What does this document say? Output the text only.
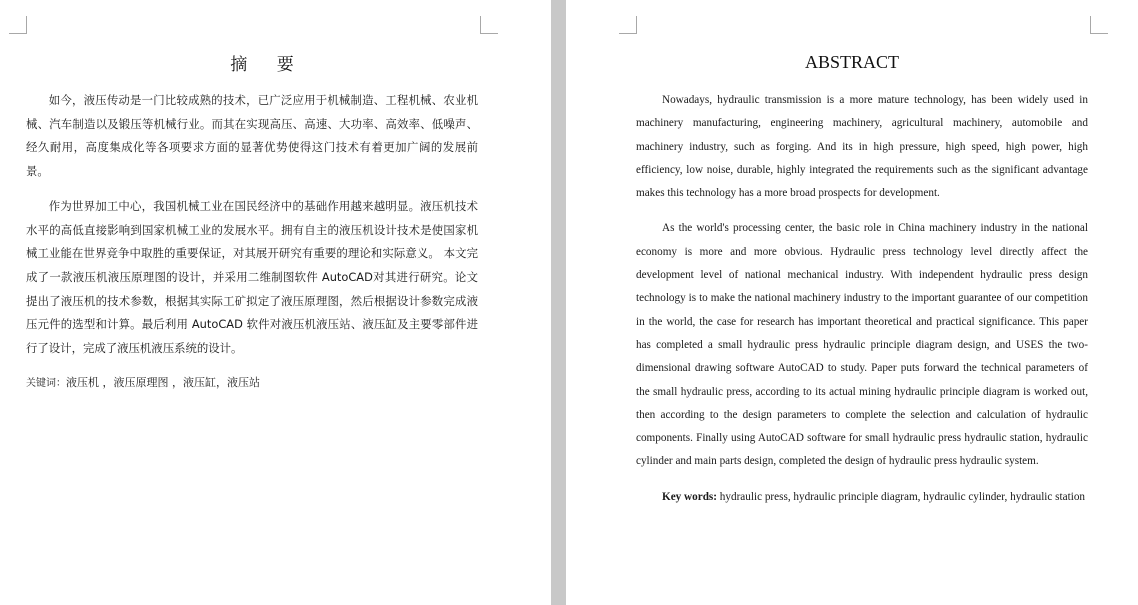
摘 要

如今，液压传动是一门比较成熟的技术，已广泛应用于机械制造、工程机械、农业机械、汽车制造以及锻压等机械行业。而其在实现高压、高速、大功率、高效率、低噪声、经久耐用，高度集成化等各项要求方面的显著优势使得这门技术有着更加广阔的发展前景。

作为世界加工中心，我国机械工业在国民经济中的基础作用越来越明显。液压机技术水平的高低直接影响到国家机械工业的发展水平。拥有自主的液压机设计技术是使国家机械工业能在世界竞争中取胜的重要保证，对其展开研究有重要的理论和实际意义。 本文完成了一款液压机液压原理图的设计，并采用二维制图软件 AutoCAD对其进行研究。论文提出了液压机的技术参数，根据其实际工矿拟定了液压原理图，然后根据设计参数完成液压元件的选型和计算。最后利用 AutoCAD 软件对液压机液压站、液压缸及主要零部件进行了设计，完成了液压机液压系统的设计。

关键词：液压机 ，液压原理图 ，液压缸，液压站
ABSTRACT

Nowadays, hydraulic transmission is a more mature technology, has been widely used in machinery manufacturing, engineering machinery, agricultural machinery, automobile and machinery industry, such as forging. And its in high pressure, high speed, high power, high efficiency, low noise, durable, highly integrated the requirements such as the significant advantage makes this technology has a more broad prospects for development.

As the world's processing center, the basic role in China machinery industry in the national economy is more and more obvious. Hydraulic press technology level directly affect the development level of national mechanical industry. With independent hydraulic press design technology is to make the national machinery industry to the important guarantee of our competition in the world, the case for research has important theoretical and practical significance. This paper has completed a small hydraulic press hydraulic principle diagram design, and USES the two-dimensional drawing software AutoCAD to study. Paper puts forward the technical parameters of the small hydraulic press, according to its actual mining hydraulic principle diagram is worked out, then according to the design parameters to complete the selection and calculation of hydraulic components. Finally using AutoCAD software for small hydraulic press hydraulic station, hydraulic cylinder and main parts design, completed the design of hydraulic press hydraulic system.

Key words: hydraulic press, hydraulic principle diagram, hydraulic cylinder, hydraulic station
